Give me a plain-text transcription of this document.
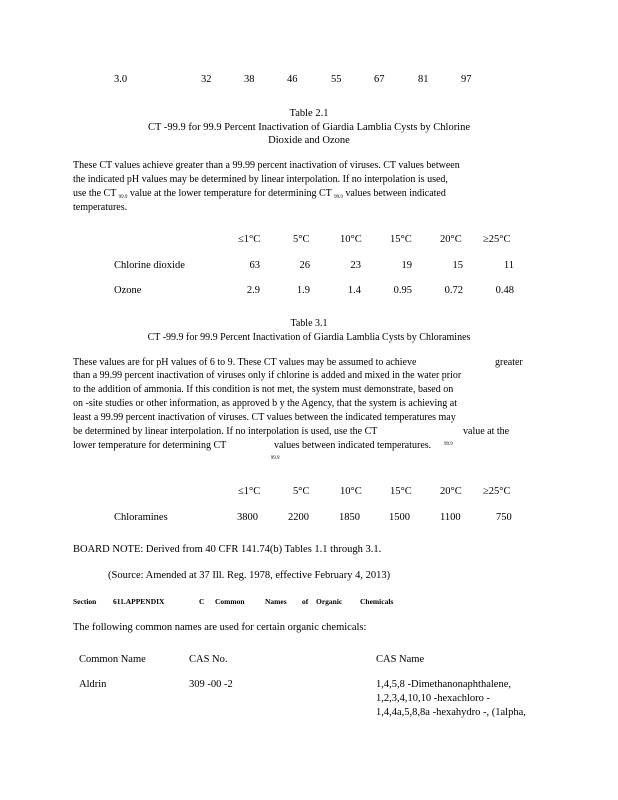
3.0	32	38	46	55	67	81	97
Table 2.1
CT -99.9 for 99.9 Percent Inactivation of Giardia Lamblia Cysts by Chlorine
Dioxide and Ozone
These CT values achieve greater than a 99.99 percent inactivation of viruses. CT values between
the indicated pH values may be determined by linear interpolation. If no interpolation is used,
use the CT $_{99.9}$ value at the lower temperature for determining CT $_{99.9}$ values between indicated
temperatures.
≤1°C	5°C	10°C	15°C	20°C ≥25°C
Chlorine dioxide	63	26	23	19	15	11
Ozone	2.9	1.9	1.4	0.95	0.72	0.48
Table 3.1
CT -99.9 for 99.9 Percent Inactivation of Giardia Lamblia Cysts by Chloramines
These values are for pH values of 6 to 9. These CT values may be assumed to achieve	greater
than a 99.99 percent inactivation of viruses only if chlorine is added and mixed in the water prior
to the addition of ammonia. If this condition is not met, the system must demonstrate, based on
on -site studies or other information, as approved b y the Agency, that the system is achieving at
least a 99.99 percent inactivation of viruses. CT values between the indicated temperatures may
be determined by linear interpolation. If no interpolation is used, use the CT
$_{99.9}$
value at the
lower temperature for determining CT
$_{99.9}$
values between indicated temperatures.
≤1°C	5°C	10°C	15°C	20°C ≥25°C
Chloramines	3800	2200	1850	1500	1100	750
BOARD NOTE: Derived from 40 CFR 141.74(b) Tables 1.1 through 3.1.
(Source: Amended at 37 Ill. Reg. 1978, effective February 4, 2013)
Section 611.APPENDIX	C Common	Names of Organic Chemicals
The following common names are used for certain organic chemicals:
Common Name	CAS No.	CAS Name
Aldrin	309 -00 -2	1,4,5,8 -Dimethanonaphthalene,
1,2,3,4,10,10 -hexachloro -
1,4,4a,5,8,8a -hexahydro -, (1alpha,
